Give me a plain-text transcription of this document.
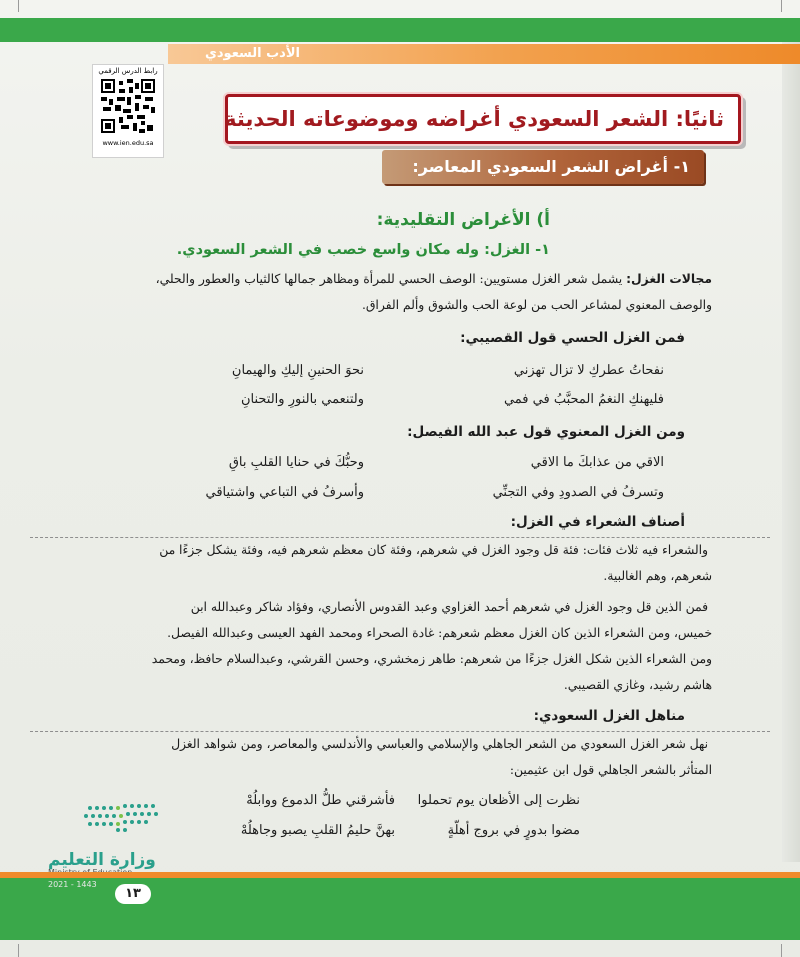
الأدب السعودي
رابط الدرس الرقمي
www.ien.edu.sa
ثانيًا: الشعر السعودي أغراضه وموضوعاته الحديثة
١- أغراض الشعر السعودي المعاصر:
أ) الأغراض التقليدية:
١- الغزل: وله مكان واسع خصب في الشعر السعودي.
مجالات الغزل: يشمل شعر الغزل مستويين: الوصف الحسي للمرأة ومظاهر جمالها كالثياب والعطور والحلي،
والوصف المعنوي لمشاعر الحب من لوعة الحب والشوق وألم الفراق.
فمن الغزل الحسي قول القصيبي:
نفحاتُ عطركِ لا تزال تهزني
نحوَ الحنينِ إليكِ والهيمانِ
فليهنكِ النغمُ المحبَّبُ في فمي
ولتنعمي بالنورِ والتحنانِ
ومن الغزل المعنوي قول عبد الله الفيصل:
الاقي من عذابكَ ما الاقي
وحبُّكَ في حنايا القلبِ باقِ
وتسرفُ في الصدودِ وفي التجنِّي
وأسرفُ في التباعي واشتياقي
أصناف الشعراء في الغزل:
والشعراء فيه ثلاث فئات: فئة قل وجود الغزل في شعرهم، وفئة كان معظم شعرهم فيه، وفئة يشكل جزءًا من
شعرهم، وهم الغالبية.
فمن الذين قل وجود الغزل في شعرهم أحمد الغزاوي وعبد القدوس الأنصاري، وفؤاد شاكر وعبدالله ابن
خميس، ومن الشعراء الذين كان الغزل معظم شعرهم: غادة الصحراء ومحمد الفهد العيسى وعبدالله الفيصل.
ومن الشعراء الذين شكل الغزل جزءًا من شعرهم: طاهر زمخشري، وحسن القرشي، وعبدالسلام حافظ، ومحمد
هاشم رشيد، وغازي القصيبي.
مناهل الغزل السعودي:
نهل شعر الغزل السعودي من الشعر الجاهلي والإسلامي والعباسي والأندلسي والمعاصر، ومن شواهد الغزل
المتأثر بالشعر الجاهلي قول ابن عثيمين:
نظرت إلى الأظعان يوم تحملوا
فأشرقني طلُّ الدموع ووابلُهْ
مضوا بدورٍ في بروج أهلّةٍ
بهنَّ حليمُ القلبِ يصبو وجاهلُهْ
وزارة التعليم
2021 - 1443
١٣
